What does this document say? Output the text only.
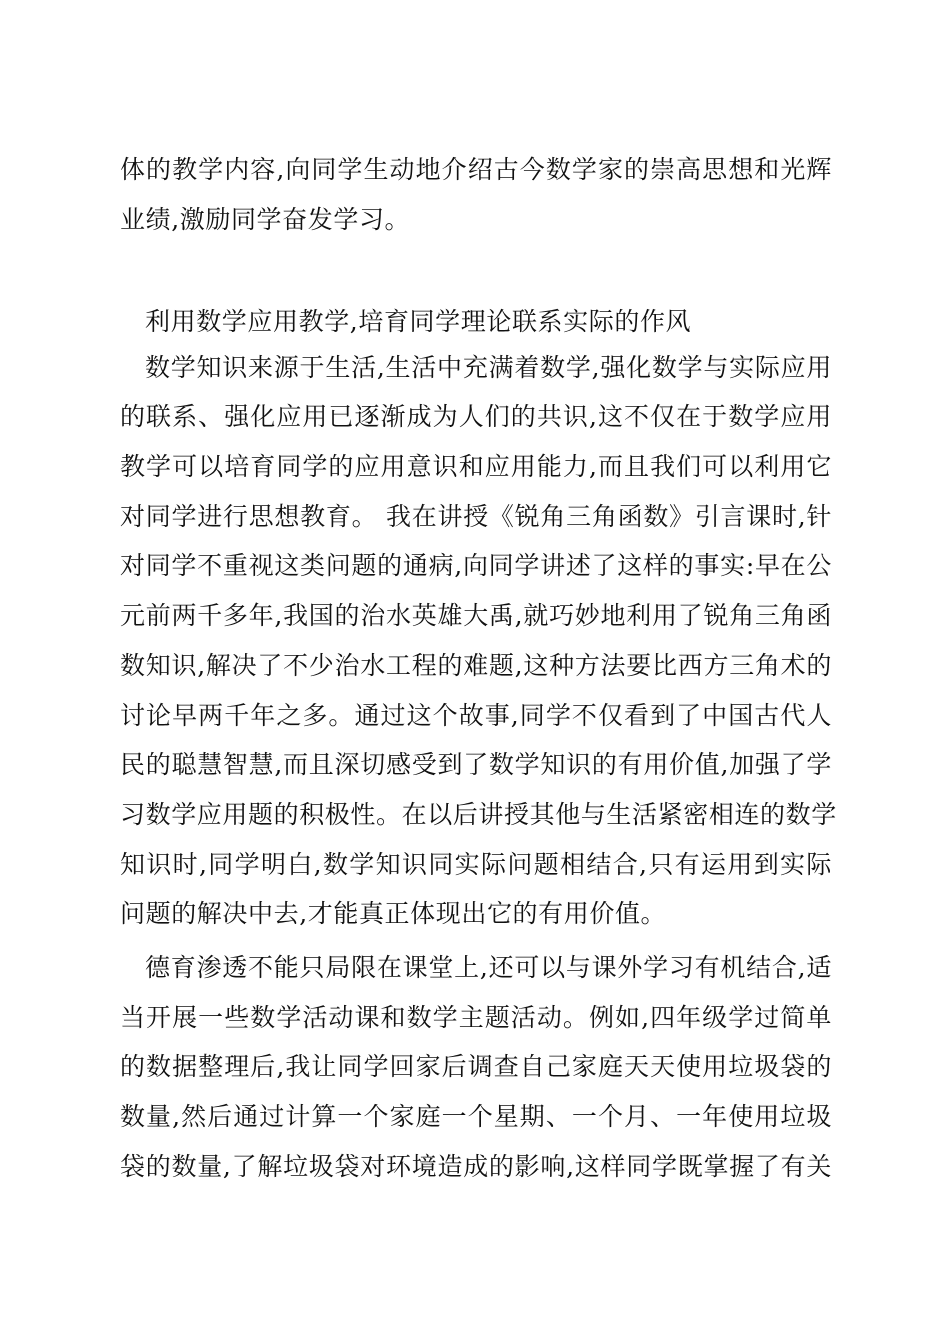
体的教学内容,向同学生动地介绍古今数学家的崇高思想和光辉
业绩,激励同学奋发学习。
利用数学应用教学,培育同学理论联系实际的作风
数学知识来源于生活,生活中充满着数学,强化数学与实际应用
的联系、强化应用已逐渐成为人们的共识,这不仅在于数学应用
教学可以培育同学的应用意识和应用能力,而且我们可以利用它
对同学进行思想教育。 我在讲授《锐角三角函数》引言课时,针
对同学不重视这类问题的通病,向同学讲述了这样的事实:早在公
元前两千多年,我国的治水英雄大禹,就巧妙地利用了锐角三角函
数知识,解决了不少治水工程的难题,这种方法要比西方三角术的
讨论早两千年之多。通过这个故事,同学不仅看到了中国古代人
民的聪慧智慧,而且深切感受到了数学知识的有用价值,加强了学
习数学应用题的积极性。在以后讲授其他与生活紧密相连的数学
知识时,同学明白,数学知识同实际问题相结合,只有运用到实际
问题的解决中去,才能真正体现出它的有用价值。
德育渗透不能只局限在课堂上,还可以与课外学习有机结合,适
当开展一些数学活动课和数学主题活动。例如,四年级学过简单
的数据整理后,我让同学回家后调查自己家庭天天使用垃圾袋的
数量,然后通过计算一个家庭一个星期、一个月、一年使用垃圾
袋的数量,了解垃圾袋对环境造成的影响,这样同学既掌握了有关
